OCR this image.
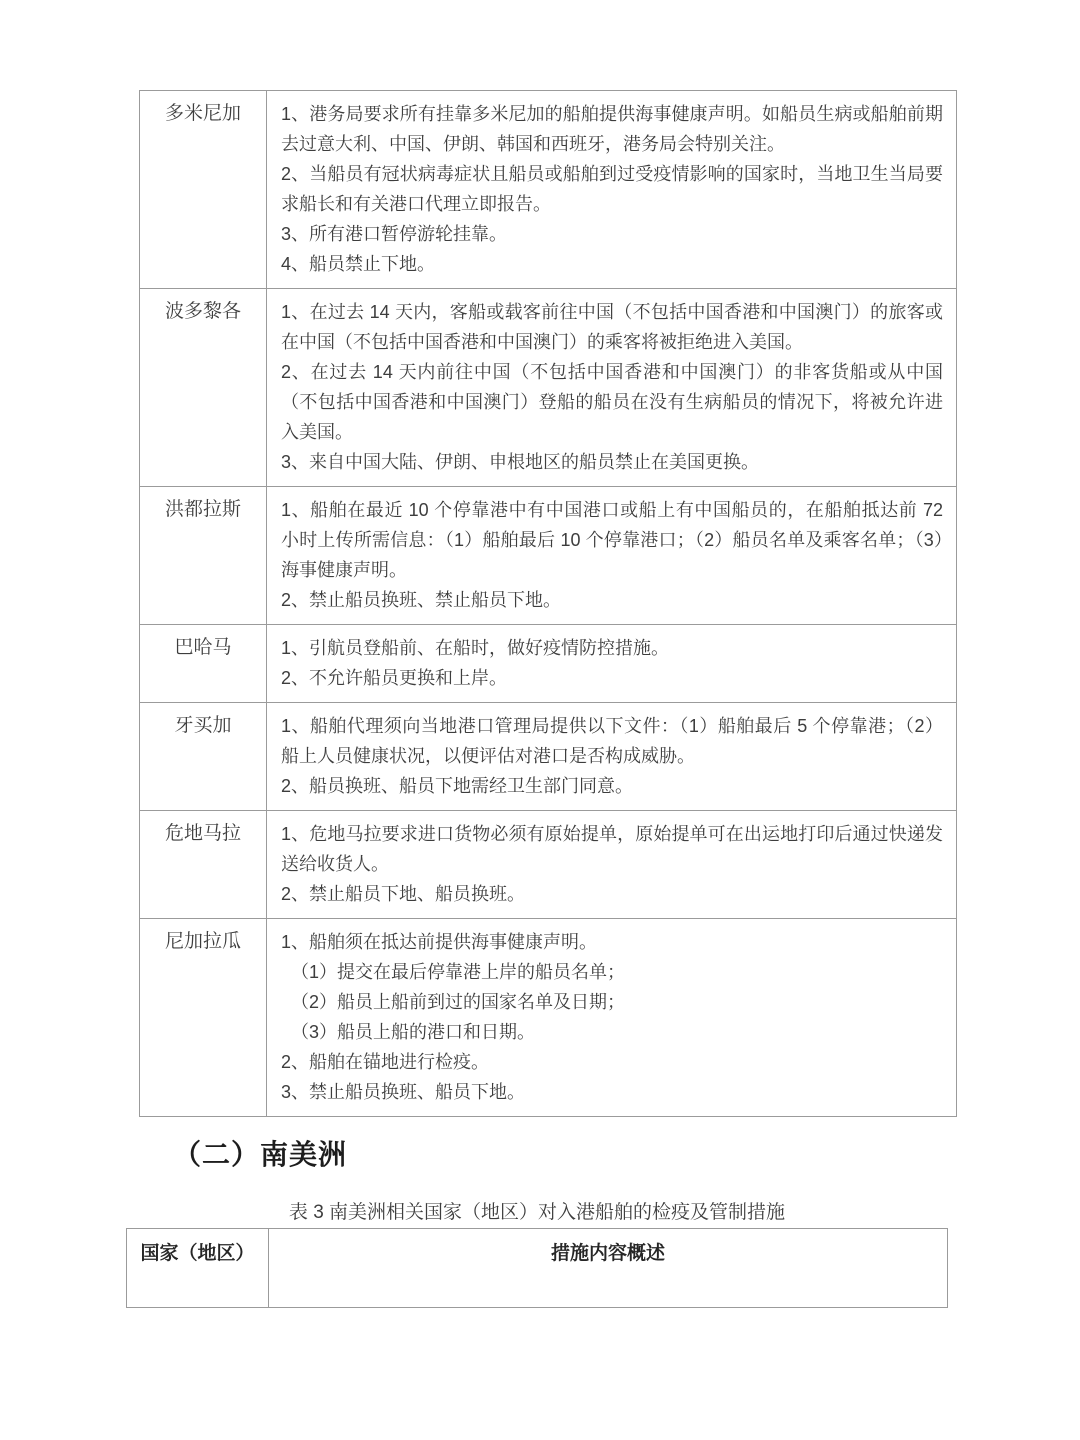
多米尼加	1、港务局要求所有挂靠多米尼加的船舶提供海事健康声明。如船员生病或船舶前期去过意大利、中国、伊朗、韩国和西班牙，港务局会特别关注。

2、当船员有冠状病毒症状且船员或船舶到过受疫情影响的国家时，当地卫生当局要求船长和有关港口代理立即报告。

3、所有港口暂停游轮挂靠。

4、船员禁止下地。

波多黎各	1、在过去 14 天内，客船或载客前往中国（不包括中国香港和中国澳门）的旅客或在中国（不包括中国香港和中国澳门）的乘客将被拒绝进入美国。

2、在过去 14 天内前往中国（不包括中国香港和中国澳门）的非客货船或从中国（不包括中国香港和中国澳门）登船的船员在没有生病船员的情况下，将被允许进入美国。

3、来自中国大陆、伊朗、申根地区的船员禁止在美国更换。

洪都拉斯	1、船舶在最近 10 个停靠港中有中国港口或船上有中国船员的，在船舶抵达前 72 小时上传所需信息：（1）船舶最后 10 个停靠港口；（2）船员名单及乘客名单；（3）海事健康声明。

2、禁止船员换班、禁止船员下地。

巴哈马	1、引航员登船前、在船时，做好疫情防控措施。

2、不允许船员更换和上岸。

牙买加	1、船舶代理须向当地港口管理局提供以下文件：（1）船舶最后 5 个停靠港；（2）船上人员健康状况，以便评估对港口是否构成威胁。

2、船员换班、船员下地需经卫生部门同意。

危地马拉	1、危地马拉要求进口货物必须有原始提单，原始提单可在出运地打印后通过快递发送给收货人。

2、禁止船员下地、船员换班。

尼加拉瓜	1、船舶须在抵达前提供海事健康声明。

（1）提交在最后停靠港上岸的船员名单；

（2）船员上船前到过的国家名单及日期；

（3）船员上船的港口和日期。

2、船舶在锚地进行检疫。

3、禁止船员换班、船员下地。

（二）南美洲
表 3 南美洲相关国家（地区）对入港船舶的检疫及管制措施
国家（地区）	措施内容概述
